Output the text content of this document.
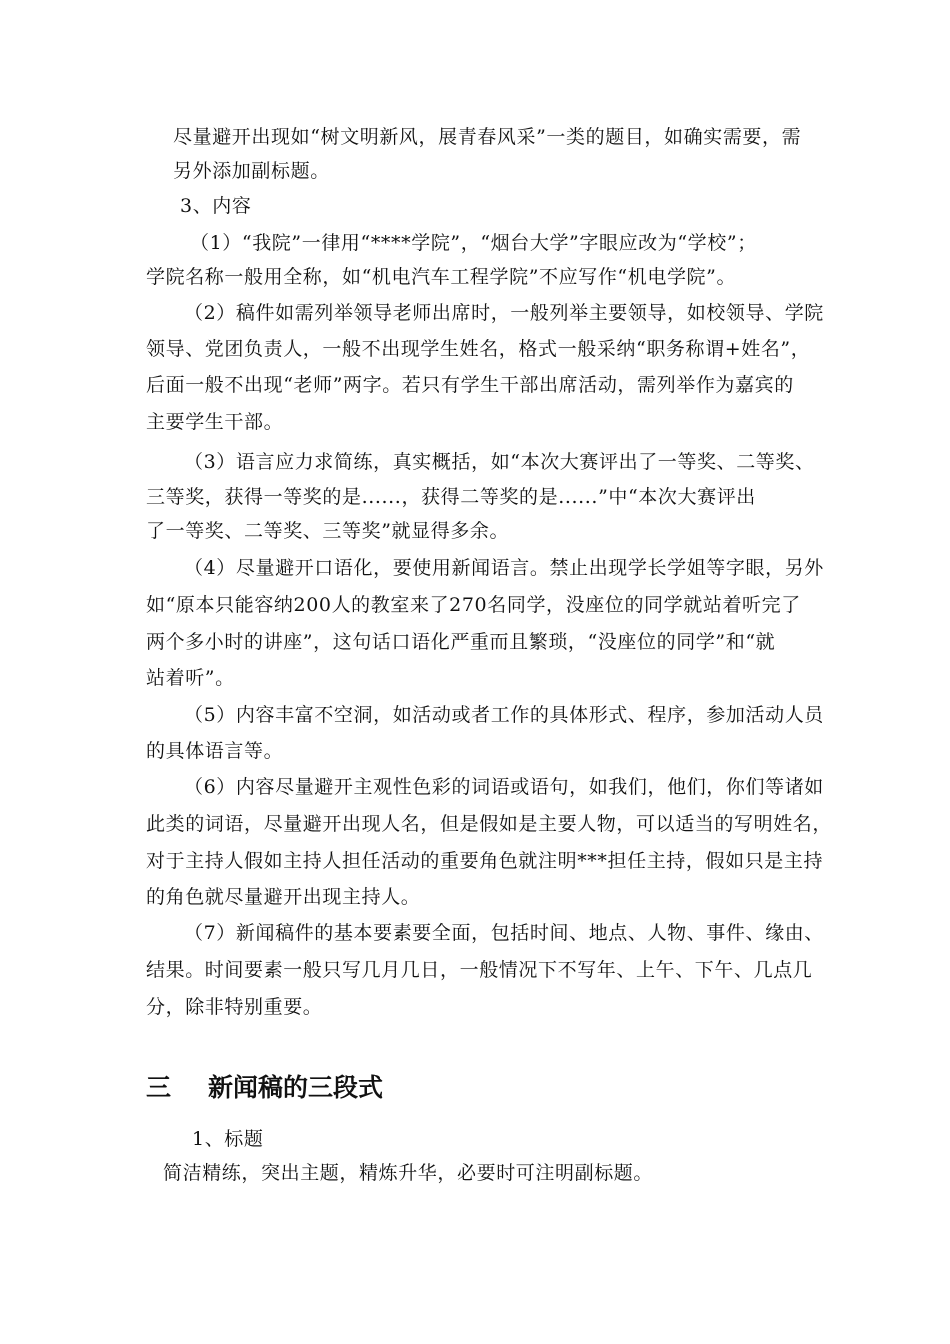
尽量避开出现如“树文明新风，展青春风采”一类的题目，如确实需要，需
另外添加副标题。
3、内容
（1）“我院”一律用“****学院”，“烟台大学”字眼应改为“学校”；
学院名称一般用全称，如“机电汽车工程学院”不应写作“机电学院”。
（2）稿件如需列举领导老师出席时，一般列举主要领导，如校领导、学院
领导、党团负责人，一般不出现学生姓名，格式一般采纳“职务称谓+姓名”，
后面一般不出现“老师”两字。若只有学生干部出席活动，需列举作为嘉宾的
主要学生干部。
（3）语言应力求简练，真实概括，如“本次大赛评出了一等奖、二等奖、
三等奖，获得一等奖的是......，获得二等奖的是......”中“本次大赛评出
了一等奖、二等奖、三等奖”就显得多余。
（4）尽量避开口语化，要使用新闻语言。禁止出现学长学姐等字眼，另外
如“原本只能容纳200人的教室来了270名同学，没座位的同学就站着听完了
两个多小时的讲座”，这句话口语化严重而且繁琐，“没座位的同学”和“就
站着听”。
（5）内容丰富不空洞，如活动或者工作的具体形式、程序，参加活动人员
的具体语言等。
（6）内容尽量避开主观性色彩的词语或语句，如我们，他们，你们等诸如
此类的词语，尽量避开出现人名，但是假如是主要人物，可以适当的写明姓名，
对于主持人假如主持人担任活动的重要角色就注明***担任主持，假如只是主持
的角色就尽量避开出现主持人。
（7）新闻稿件的基本要素要全面，包括时间、地点、人物、事件、缘由、
结果。时间要素一般只写几月几日，一般情况下不写年、上午、下午、几点几
分，除非特别重要。
三 新闻稿的三段式
1、标题
简洁精练，突出主题，精炼升华，必要时可注明副标题。
